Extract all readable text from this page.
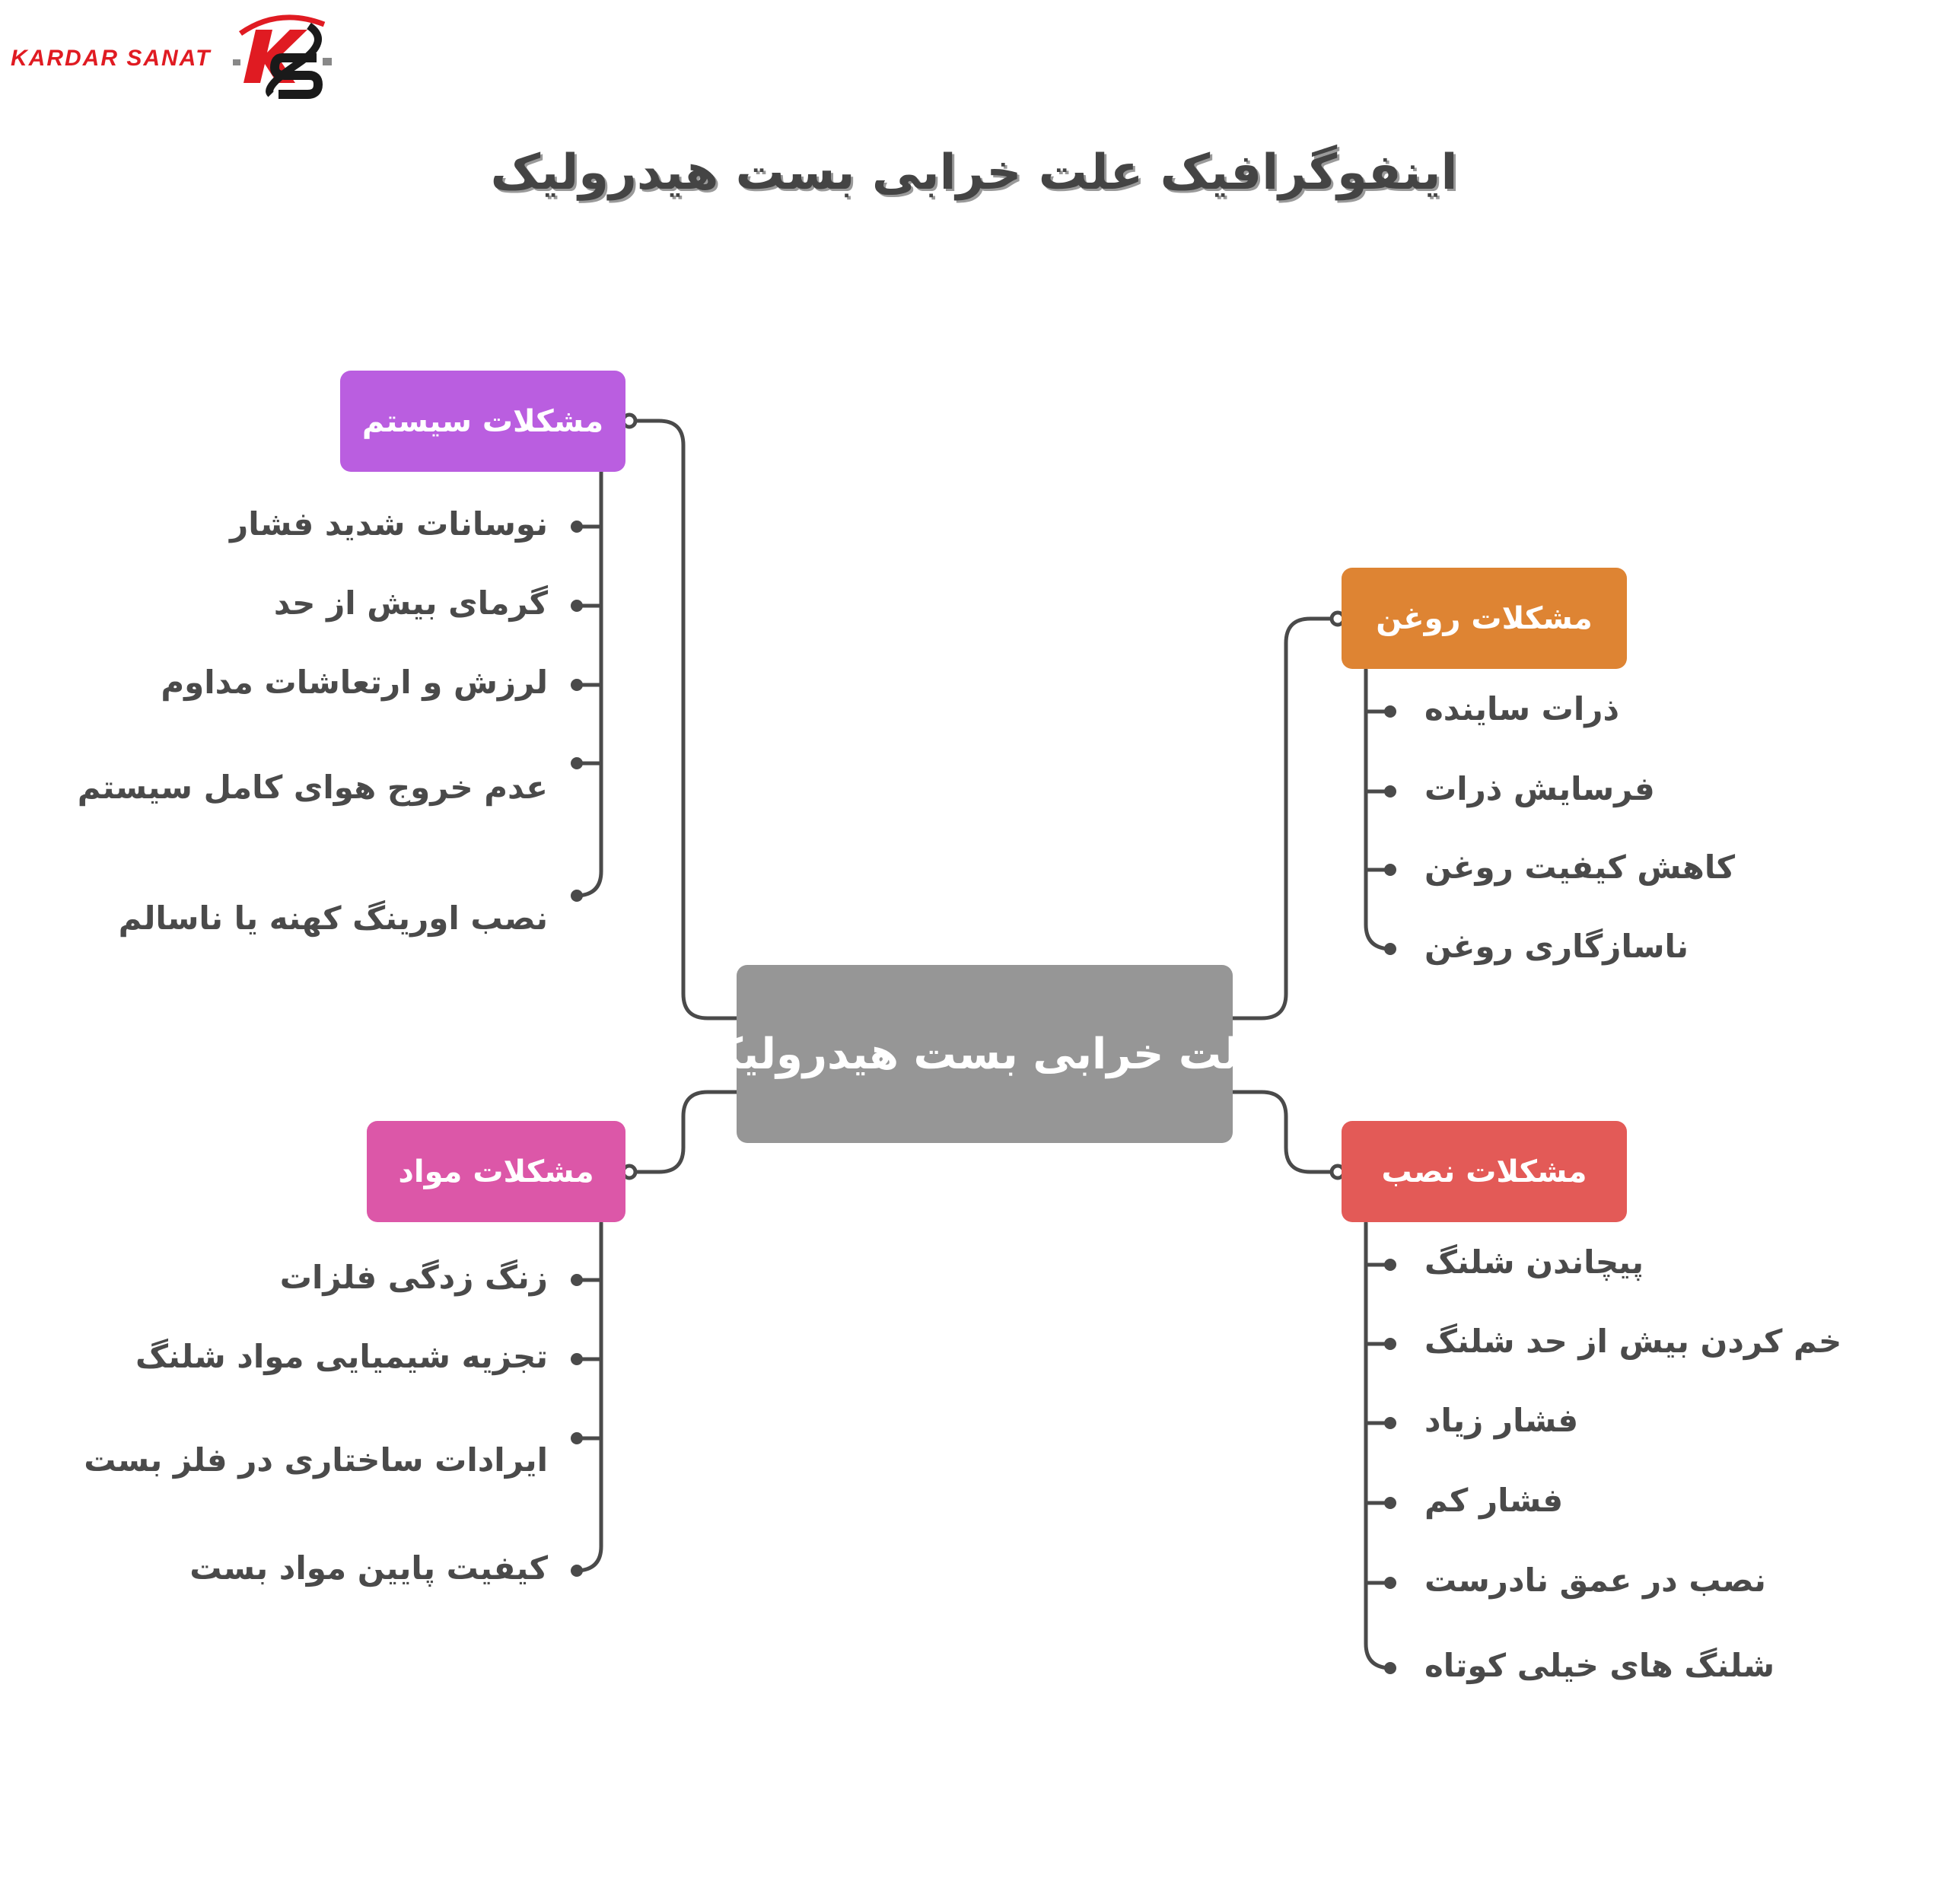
KARDAR SANAT
اینفوگرافیک علت خرابی بست هیدرولیک
علت خرابی بست هیدرولیک
مشکلات سیستم
مشکلات روغن
مشکلات مواد	مشکلات نصب
نوسانات شدید فشار
گرمای بیش از حد
لرزش و ارتعاشات مداوم
عدم خروج هوای کامل سیستم
نصب اورینگ کهنه یا ناسالم
زنگ زدگی فلزات
تجزیه شیمیایی مواد شلنگ
ایرادات ساختاری در فلز بست
کیفیت پایین مواد بست
ذرات ساینده
فرسایش ذرات
کاهش کیفیت روغن
ناسازگاری روغن
پیچاندن شلنگ
خم کردن بیش از حد شلنگ
فشار زیاد
فشار کم
نصب در عمق نادرست
شلنگ های خیلی کوتاه
